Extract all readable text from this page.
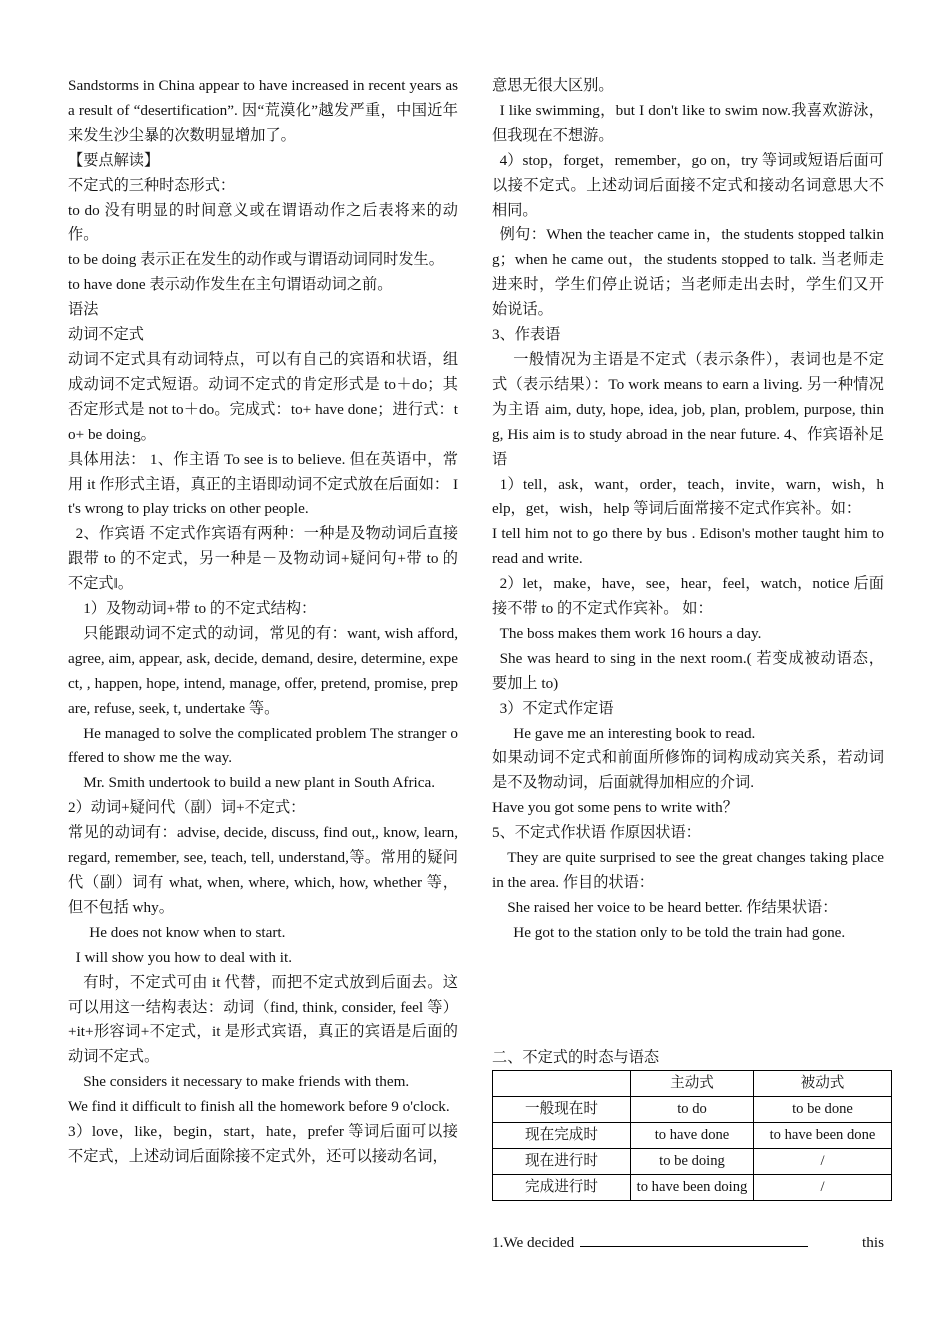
Sandstorms in China appear to have increased in recent years as a result of “desertification”. 因“荒漠化”越发严重，中国近年来发生沙尘暴的次数明显增加了。

【要点解读】

不定式的三种时态形式：

to do 没有明显的时间意义或在谓语动作之后表将来的动作。

to be doing 表示正在发生的动作或与谓语动词同时发生。

to have done 表示动作发生在主句谓语动词之前。

语法

动词不定式

动词不定式具有动词特点，可以有自己的宾语和状语，组成动词不定式短语。动词不定式的肯定形式是 to＋do；其否定形式是 not to＋do。完成式：to+ have done；进行式：to+ be doing。

具体用法： 1、作主语 To see is to believe. 但在英语中，常用 it 作形式主语，真正的主语即动词不定式放在后面如： It's wrong to play tricks on other people.

2、作宾语 不定式作宾语有两种：一种是及物动词后直接跟带 to 的不定式，另一种是－及物动词+疑问句+带 to 的不定式‖。

1）及物动词+带 to 的不定式结构：

只能跟动词不定式的动词，常见的有：want, wish afford, agree, aim, appear, ask, decide, demand, desire, determine, expect, , happen, hope, intend, manage, offer, pretend, promise, prepare, refuse, seek, t, undertake 等。

He managed to solve the complicated problem The stranger offered to show me the way.

Mr. Smith undertook to build a new plant in South Africa.

2）动词+疑问代（副）词+不定式：

常见的动词有：advise, decide, discuss, find out,, know, learn, regard, remember, see, teach, tell, understand,等。常用的疑问代（副）词有 what, when, where, which, how, whether 等，但不包括 why。

He does not know when to start.

I will show you how to deal with it.

有时，不定式可由 it 代替，而把不定式放到后面去。这可以用这一结构表达：动词（find, think, consider, feel 等）+it+形容词+不定式，it 是形式宾语，真正的宾语是后面的动词不定式。

She considers it necessary to make friends with them.

We find it difficult to finish all the homework before 9 o'clock.

3）love，like，begin，start，hate，prefer 等词后面可以接不定式，上述动词后面除接不定式外，还可以接动名词，

意思无很大区别。

I like swimming，but I don't like to swim now.我喜欢游泳，但我现在不想游。

4）stop，forget，remember，go on，try 等词或短语后面可以接不定式。上述动词后面接不定式和接动名词意思大不相同。

例句：When the teacher came in，the students stopped talking；when he came out，the students stopped to talk. 当老师走进来时，学生们停止说话；当老师走出去时，学生们又开始说话。

3、作表语

一般情况为主语是不定式（表示条件），表词也是不定式（表示结果）：To work means to earn a living. 另一种情况为主语 aim, duty, hope, idea, job, plan, problem, purpose, thing, His aim is to study abroad in the near future. 4、作宾语补足语

1）tell，ask，want，order，teach，invite，warn，wish，help，get，wish，help 等词后面常接不定式作宾补。如：

I tell him not to go there by bus . Edison's mother taught him to read and write.

2）let，make，have，see，hear，feel，watch，notice 后面接不带 to 的不定式作宾补。 如：

The boss makes them work 16 hours a day.

She was heard to sing in the next room.( 若变成被动语态，要加上 to)

3）不定式作定语

He gave me an interesting book to read.

如果动词不定式和前面所修饰的词构成动宾关系，若动词是不及物动词，后面就得加相应的介词.

Have you got some pens to write with？

5、不定式作状语 作原因状语：

They are quite surprised to see the great changes taking place in the area. 作目的状语：

She raised her voice to be heard better. 作结果状语：

He got to the station only to be told the train had gone.

二、不定式的时态与语态
	主动式	被动式
一般现在时	to do	to be done
现在完成时	to have done	to have been done
现在进行时	to be doing	/
完成进行时	to have been doing	/
1.We decided	this
